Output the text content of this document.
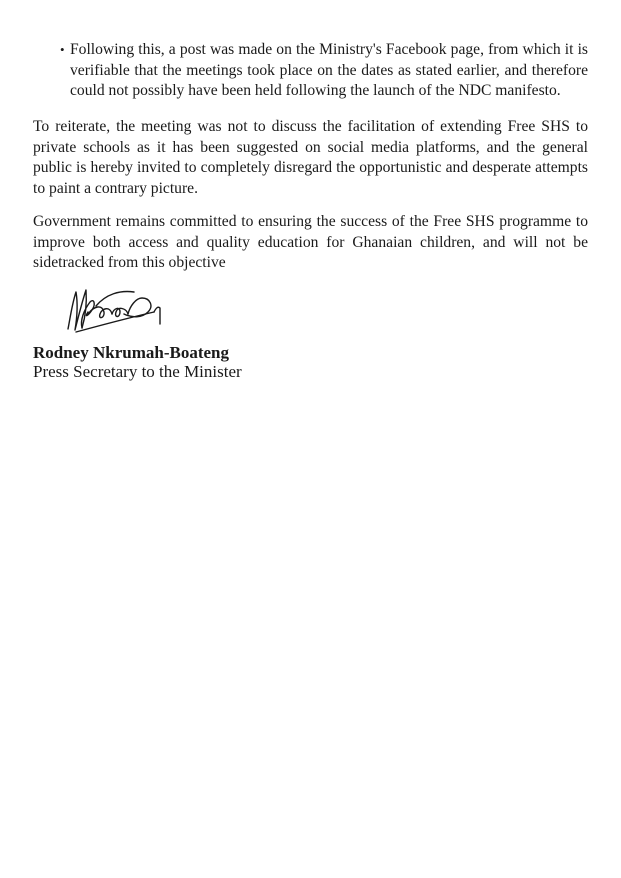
• Following this, a post was made on the Ministry's Facebook page, from which it is verifiable that the meetings took place on the dates as stated earlier, and therefore could not possibly have been held following the launch of the NDC manifesto.
To reiterate, the meeting was not to discuss the facilitation of extending Free SHS to private schools as it has been suggested on social media platforms, and the general public is hereby invited to completely disregard the opportunistic and desperate attempts to paint a contrary picture.
Government remains committed to ensuring the success of the Free SHS programme to improve both access and quality education for Ghanaian children, and will not be sidetracked from this objective
Rodney Nkrumah-Boateng
Press Secretary to the Minister
